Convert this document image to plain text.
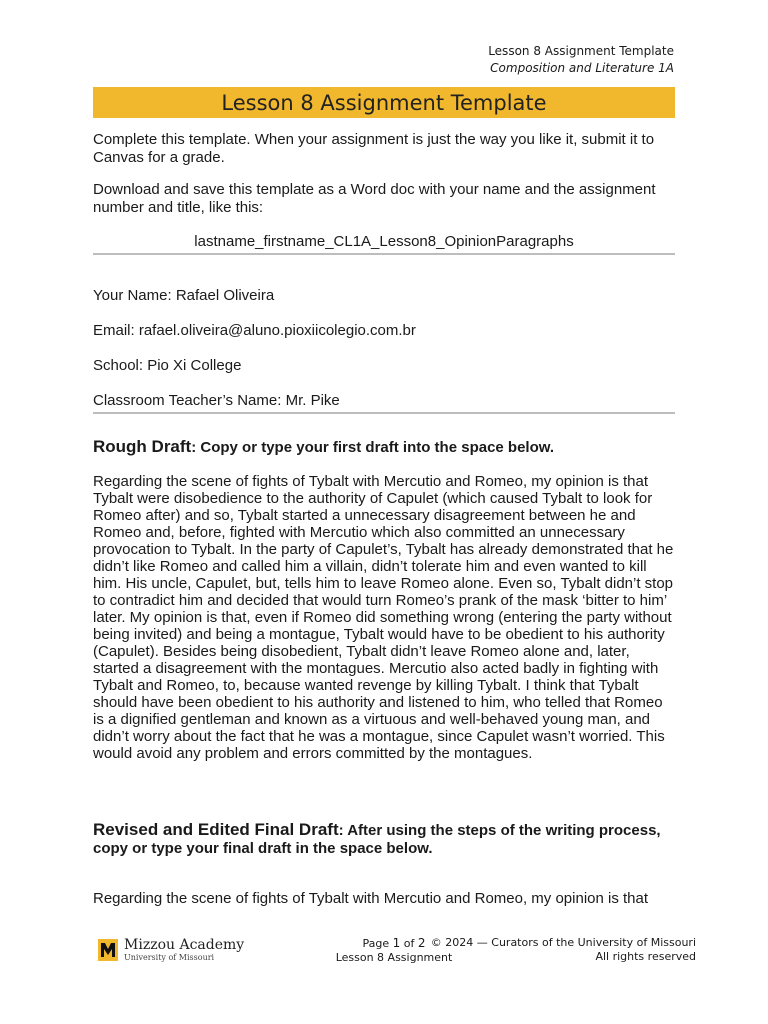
Lesson 8 Assignment Template
Composition and Literature 1A
Lesson 8 Assignment Template

Complete this template. When your assignment is just the way you like it, submit it to Canvas for a grade.

Download and save this template as a Word doc with your name and the assignment number and title, like this:

lastname_firstname_CL1A_Lesson8_OpinionParagraphs

Your Name: Rafael Oliveira

Email: rafael.oliveira@aluno.pioxiicolegio.com.br

School: Pio Xi College

Classroom Teacher’s Name: Mr. Pike

Rough Draft: Copy or type your first draft into the space below.

Regarding the scene of fights of Tybalt with Mercutio and Romeo, my opinion is that Tybalt were disobedience to the authority of Capulet (which caused Tybalt to look for Romeo after) and so, Tybalt started a unnecessary disagreement between he and Romeo and, before, fighted with Mercutio which also committed an unnecessary provocation to Tybalt. In the party of Capulet’s, Tybalt has already demonstrated that he didn’t like Romeo and called him a villain, didn’t tolerate him and even wanted to kill him. His uncle, Capulet, but, tells him to leave Romeo alone. Even so, Tybalt didn’t stop to contradict him and decided that would turn Romeo’s prank of the mask ‘bitter to him’ later. My opinion is that, even if Romeo did something wrong (entering the party without being invited) and being a montague, Tybalt would have to be obedient to his authority (Capulet). Besides being disobedient, Tybalt didn’t leave Romeo alone and, later, started a disagreement with the montagues. Mercutio also acted badly in fighting with Tybalt and Romeo, to, because wanted revenge by killing Tybalt. I think that Tybalt should have been obedient to his authority and listened to him, who telled that Romeo is a dignified gentleman and known as a virtuous and well-behaved young man, and didn’t worry about the fact that he was a montague, since Capulet wasn’t worried. This would avoid any problem and errors committed by the montagues.

Revised and Edited Final Draft: After using the steps of the writing process, copy or type your final draft in the space below.

Regarding the scene of fights of Tybalt with Mercutio and Romeo, my opinion is that

Mizzou Academy
University of Missouri
Page 1 of 2
Lesson 8 Assignment
© 2024 — Curators of the University of Missouri
All rights reserved
